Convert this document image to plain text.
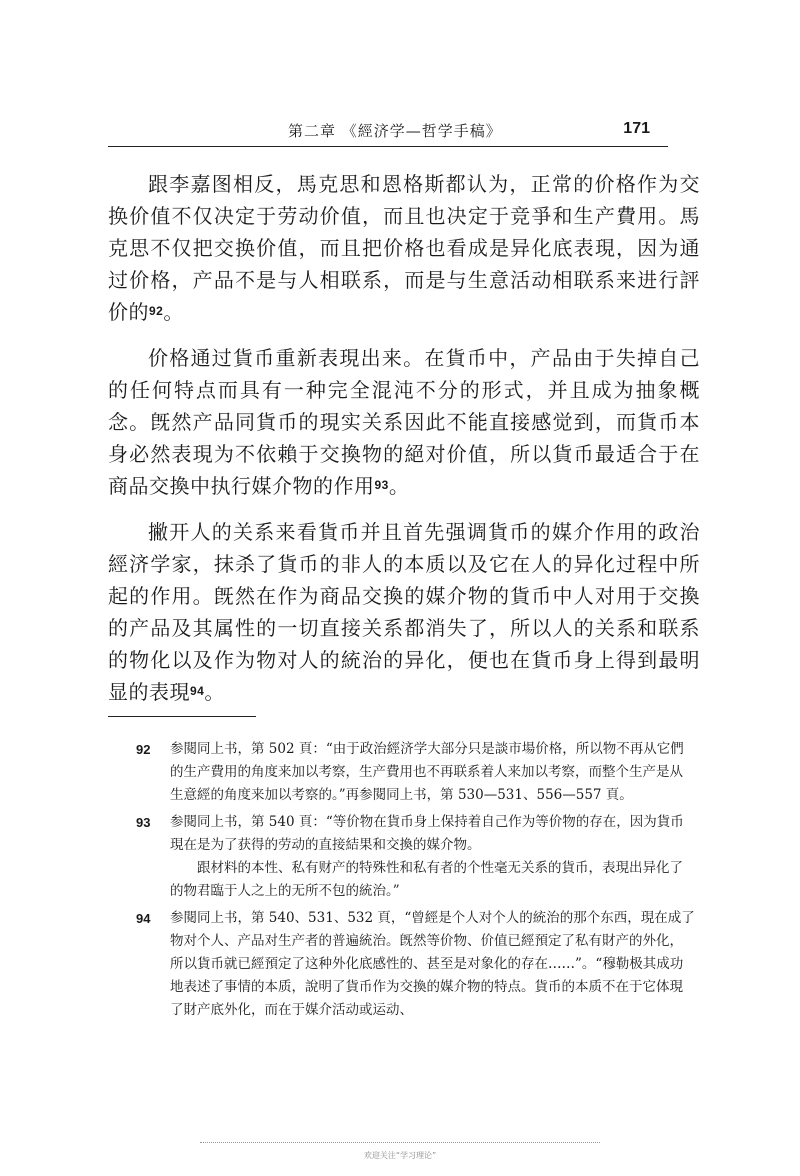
第二章 《經济学—哲学手稿》	171

跟李嘉图相反，馬克思和恩格斯都认为，正常的价格作为交换价值不仅决定于劳动价值，而且也决定于竞爭和生产費用。馬克思不仅把交换价值，而且把价格也看成是异化底表現，因为通过价格，产品不是与人相联系，而是与生意活动相联系来进行評价的$^{92}$。

价格通过貨币重新表現出来。在貨币中，产品由于失掉自己的任何特点而具有一种完全混沌不分的形式，并且成为抽象概念。旣然产品同貨币的現实关系因此不能直接感觉到，而貨币本身必然表現为不依賴于交換物的絕对价值，所以貨币最适合于在商品交換中执行媒介物的作用$^{93}$。

撇开人的关系来看貨币并且首先强调貨币的媒介作用的政治經济学家，抹杀了貨币的非人的本质以及它在人的异化过程中所起的作用。旣然在作为商品交換的媒介物的貨币中人对用于交換的产品及其属性的一切直接关系都消失了，所以人的关系和联系的物化以及作为物对人的統治的异化，便也在貨币身上得到最明显的表現$^{94}$。

92 参閱同上书，第 502 頁：“由于政治經济学大部分只是談市場价格，所以物不再从它們的生产費用的角度来加以考察，生产費用也不再联系着人来加以考察，而整个生产是从生意經的角度来加以考察的。”再参閱同上书，第 530—531、556—557 頁。
93 参閱同上书，第 540 頁：“等价物在貨币身上保持着自己作为等价物的存在，因为貨币現在是为了获得的劳动的直接結果和交換的媒介物。
跟材料的本性、私有财产的特殊性和私有者的个性毫无关系的貨币，表現出异化了的物君臨于人之上的无所不包的統治。”
94 参閱同上书，第 540、531、532 頁，“曾經是个人对个人的統治的那个东西，現在成了物对个人、产品对生产者的普遍統治。旣然等价物、价值已經預定了私有財产的外化，所以貨币就已經預定了这种外化底感性的、甚至是对象化的存在……”。“穆勒极其成功地表述了事情的本质，說明了貨币作为交換的媒介物的特点。貨币的本质不在于它体現了財产底外化，而在于媒介活动或运动、
欢迎关注“学习理论”
